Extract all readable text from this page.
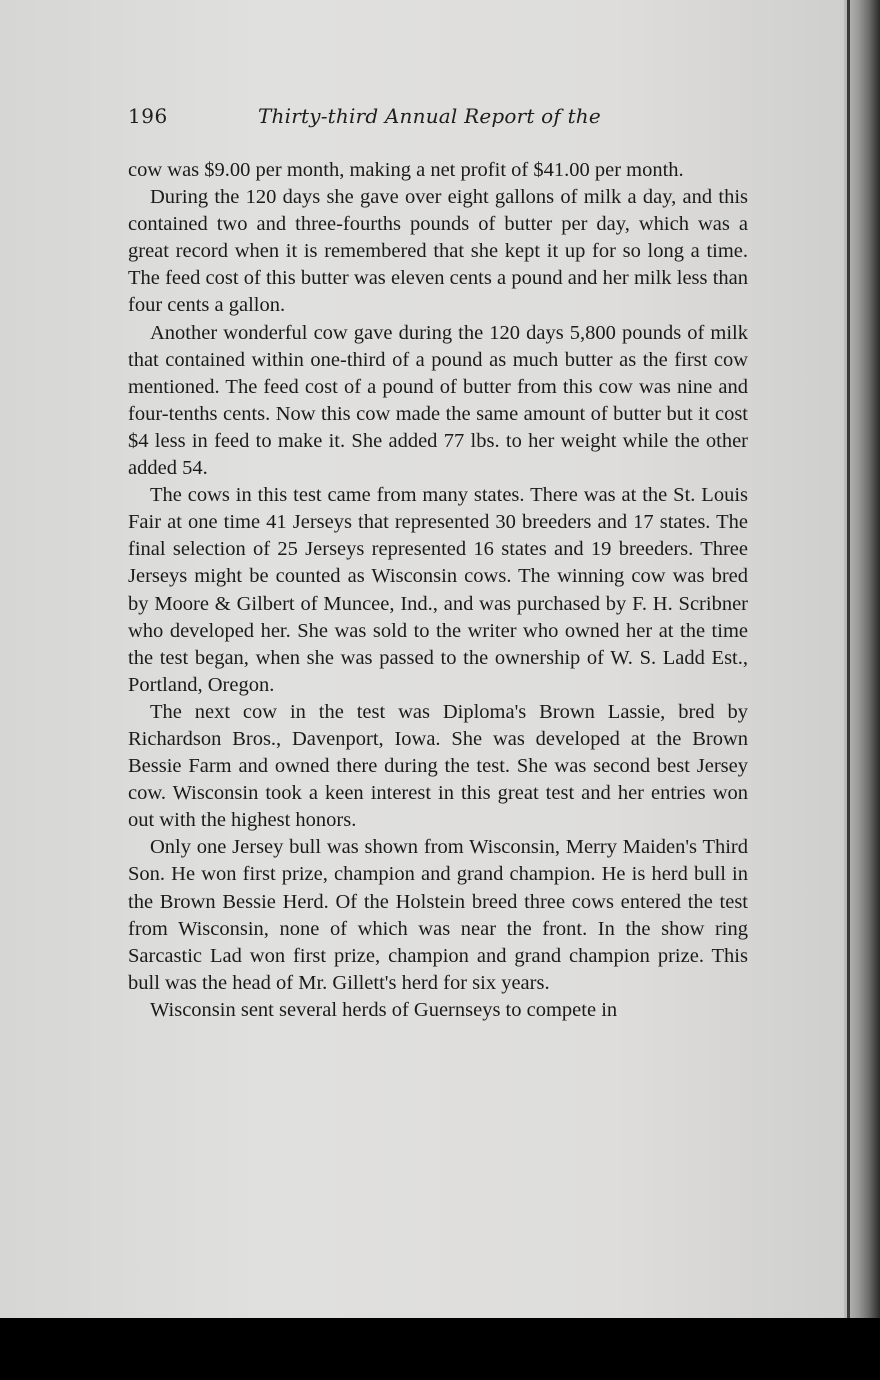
196	Thirty-third Annual Report of the

cow was $9.00 per month, making a net profit of $41.00 per month.

During the 120 days she gave over eight gallons of milk a day, and this contained two and three-fourths pounds of butter per day, which was a great record when it is remembered that she kept it up for so long a time. The feed cost of this butter was eleven cents a pound and her milk less than four cents a gallon.

Another wonderful cow gave during the 120 days 5,800 pounds of milk that contained within one-third of a pound as much butter as the first cow mentioned. The feed cost of a pound of butter from this cow was nine and four-tenths cents. Now this cow made the same amount of butter but it cost $4 less in feed to make it. She added 77 lbs. to her weight while the other added 54.

The cows in this test came from many states. There was at the St. Louis Fair at one time 41 Jerseys that represented 30 breeders and 17 states. The final selection of 25 Jerseys represented 16 states and 19 breeders. Three Jerseys might be counted as Wisconsin cows. The winning cow was bred by Moore & Gilbert of Muncee, Ind., and was purchased by F. H. Scribner who developed her. She was sold to the writer who owned her at the time the test began, when she was passed to the ownership of W. S. Ladd Est., Portland, Oregon.

The next cow in the test was Diploma's Brown Lassie, bred by Richardson Bros., Davenport, Iowa. She was developed at the Brown Bessie Farm and owned there during the test. She was second best Jersey cow. Wisconsin took a keen interest in this great test and her entries won out with the highest honors.

Only one Jersey bull was shown from Wisconsin, Merry Maiden's Third Son. He won first prize, champion and grand champion. He is herd bull in the Brown Bessie Herd. Of the Holstein breed three cows entered the test from Wisconsin, none of which was near the front. In the show ring Sarcastic Lad won first prize, champion and grand champion prize. This bull was the head of Mr. Gillett's herd for six years.

Wisconsin sent several herds of Guernseys to compete in
